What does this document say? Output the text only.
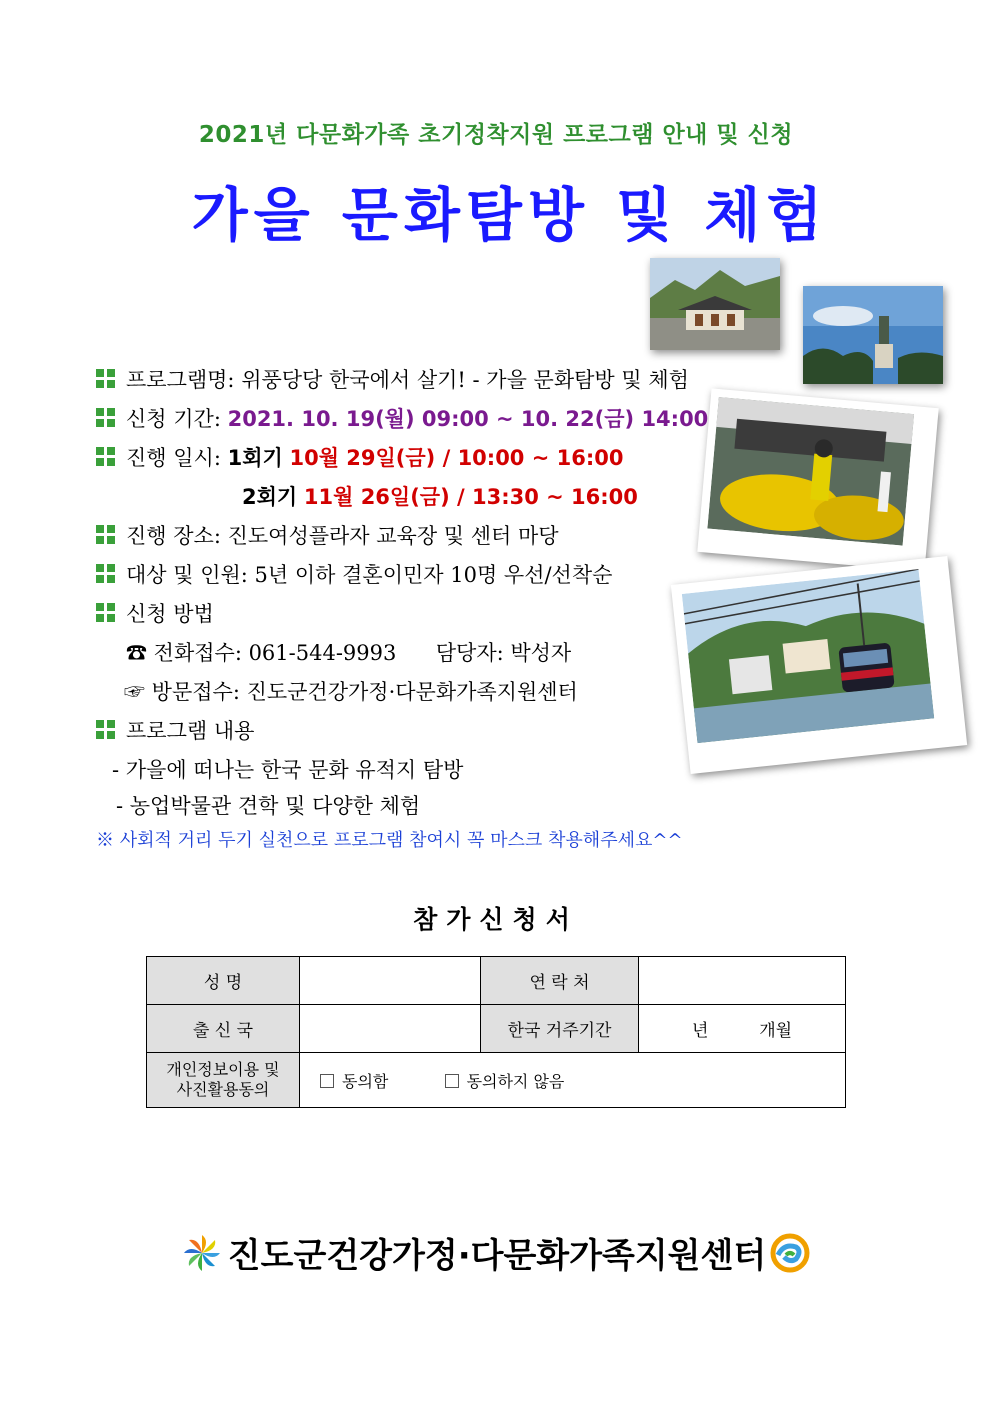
2021년 다문화가족 초기정착지원 프로그램 안내 및 신청
가을 문화탐방 및 체험
프로그램명: 위풍당당 한국에서 살기! - 가을 문화탐방 및 체험
신청 기간: 2021. 10. 19(월) 09:00 ~ 10. 22(금) 14:00
진행 일시: 1회기 10월 29일(금) / 10:00 ~ 16:00
2회기 11월 26일(금) / 13:30 ~ 16:00
진행 장소: 진도여성플라자 교육장 및 센터 마당
대상 및 인원: 5년 이하 결혼이민자 10명 우선/선착순
신청 방법
☎ 전화접수: 061-544-9993 담당자: 박성자
☞ 방문접수: 진도군건강가정·다문화가족지원센터
프로그램 내용
- 가을에 떠나는 한국 문화 유적지 탐방
- 농업박물관 견학 및 다양한 체험
※ 사회적 거리 두기 실천으로 프로그램 참여시 꼭 마스크 착용해주세요^^
참가신청서
성 명		연 락 처	
출 신 국		한국 거주기간	년 개월
개인정보이용 및
사진활용동의	동의함 동의하지 않음		
진도군건강가정·다문화가족지원센터
